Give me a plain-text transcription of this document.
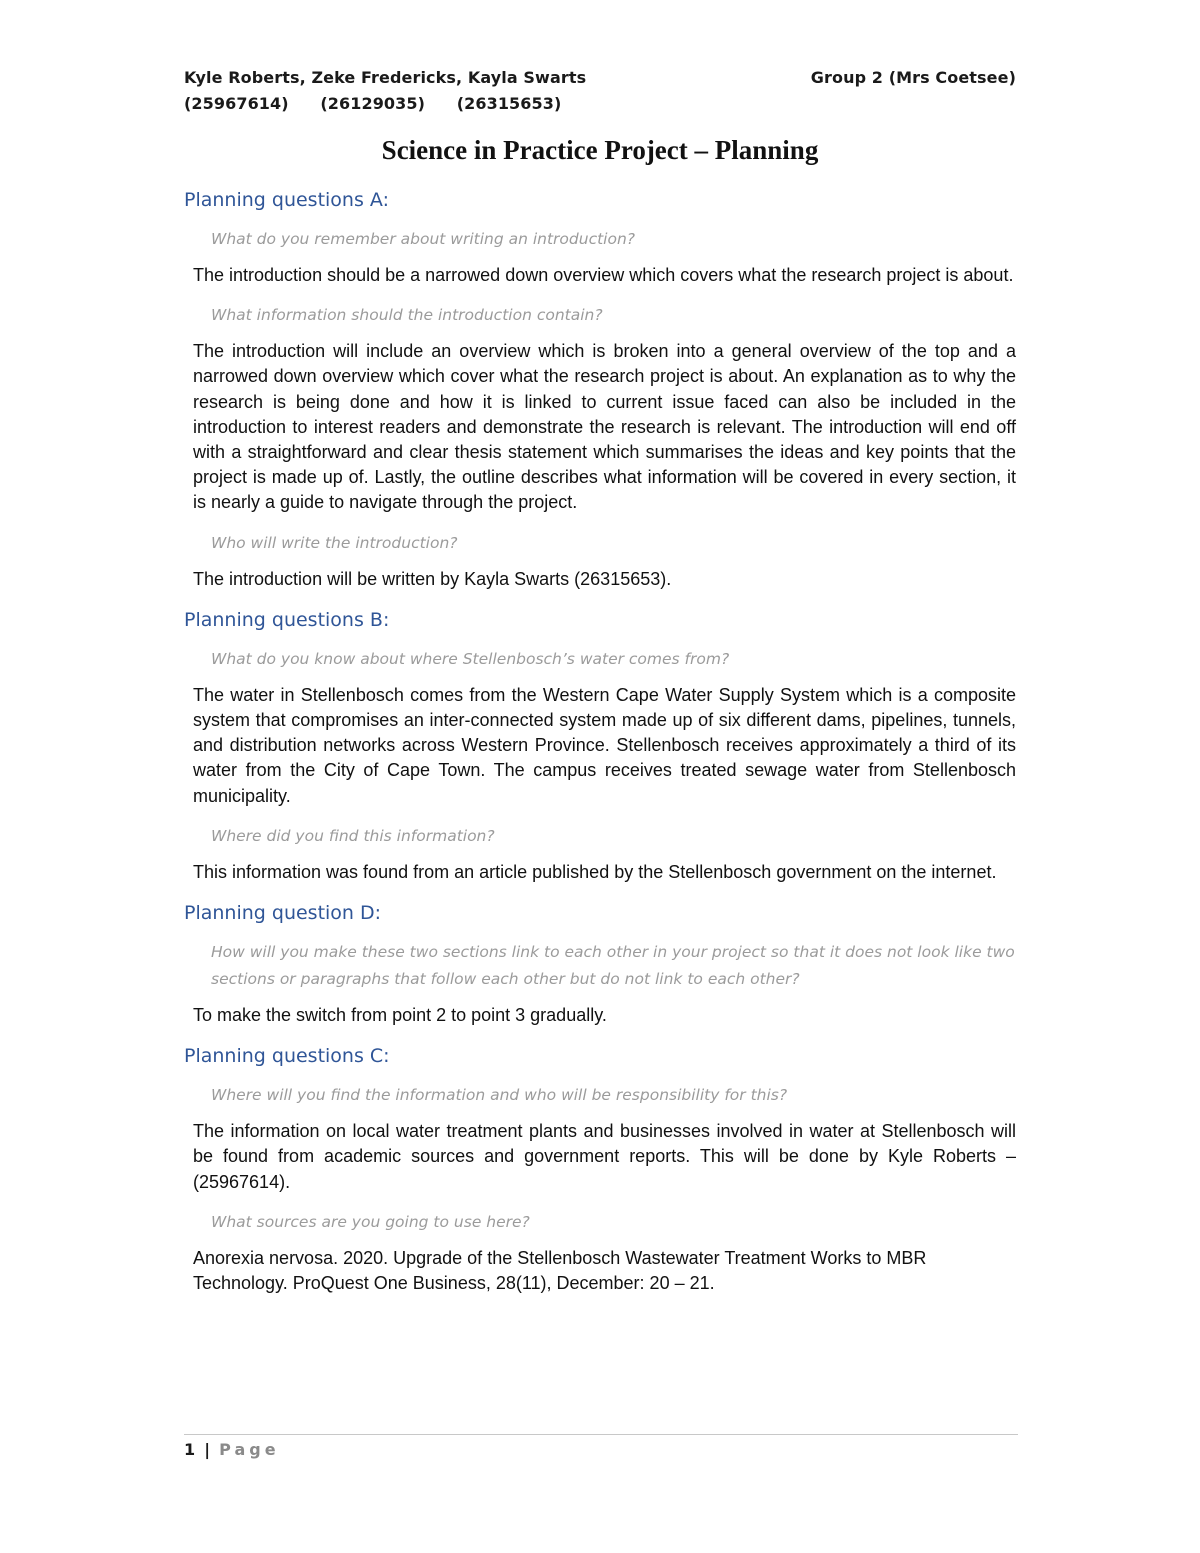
Kyle Roberts, Zeke Fredericks, Kayla Swarts	Group 2 (Mrs Coetsee)
(25967614) (26129035) (26315653)
Science in Practice Project – Planning

Planning questions A:

What do you remember about writing an introduction?

The introduction should be a narrowed down overview which covers what the research project is about.

What information should the introduction contain?

The introduction will include an overview which is broken into a general overview of the top and a narrowed down overview which cover what the research project is about. An explanation as to why the research is being done and how it is linked to current issue faced can also be included in the introduction to interest readers and demonstrate the research is relevant. The introduction will end off with a straightforward and clear thesis statement which summarises the ideas and key points that the project is made up of. Lastly, the outline describes what information will be covered in every section, it is nearly a guide to navigate through the project.

Who will write the introduction?

The introduction will be written by Kayla Swarts (26315653).

Planning questions B:

What do you know about where Stellenbosch’s water comes from?

The water in Stellenbosch comes from the Western Cape Water Supply System which is a composite system that compromises an inter-connected system made up of six different dams, pipelines, tunnels, and distribution networks across Western Province. Stellenbosch receives approximately a third of its water from the City of Cape Town. The campus receives treated sewage water from Stellenbosch municipality.

Where did you find this information?

This information was found from an article published by the Stellenbosch government on the internet.

Planning question D:

How will you make these two sections link to each other in your project so that it does not look like two sections or paragraphs that follow each other but do not link to each other?

To make the switch from point 2 to point 3 gradually.

Planning questions C:

Where will you find the information and who will be responsibility for this?

The information on local water treatment plants and businesses involved in water at Stellenbosch will be found from academic sources and government reports. This will be done by Kyle Roberts – (25967614).

What sources are you going to use here?

Anorexia nervosa. 2020. Upgrade of the Stellenbosch Wastewater Treatment Works to MBR Technology. ProQuest One Business, 28(11), December: 20 – 21.

1 | Page
